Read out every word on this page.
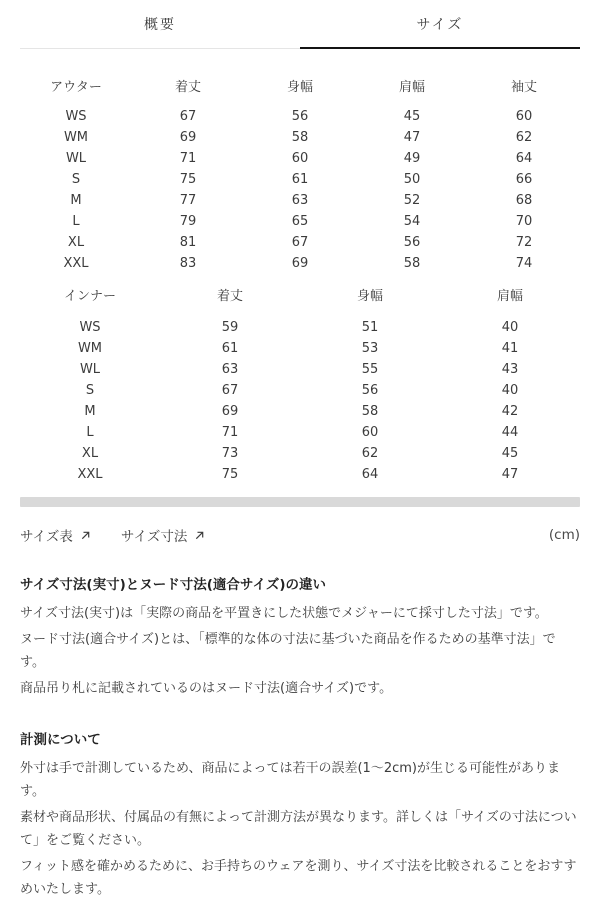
概要	サイズ
アウター	着丈	身幅	肩幅	袖丈
WS	67	56	45	60
WM	69	58	47	62
WL	71	60	49	64
S	75	61	50	66
M	77	63	52	68
L	79	65	54	70
XL	81	67	56	72
XXL	83	69	58	74
インナー	着丈	身幅	肩幅
WS	59	51	40
WM	61	53	41
WL	63	55	43
S	67	56	40
M	69	58	42
L	71	60	44
XL	73	62	45
XXL	75	64	47
サイズ表	サイズ寸法	(cm)
サイズ寸法(実寸)とヌード寸法(適合サイズ)の違い

サイズ寸法(実寸)は「実際の商品を平置きにした状態でメジャーにて採寸した寸法」です。

ヌード寸法(適合サイズ)とは、「標準的な体の寸法に基づいた商品を作るための基準寸法」です。

商品吊り札に記載されているのはヌード寸法(適合サイズ)です。

計測について

外寸は手で計測しているため、商品によっては若干の誤差(1〜2cm)が生じる可能性があります。

素材や商品形状、付属品の有無によって計測方法が異なります。詳しくは「サイズの寸法について」をご覧ください。

フィット感を確かめるために、お手持ちのウェアを測り、サイズ寸法を比較されることをおすすめいたします。
